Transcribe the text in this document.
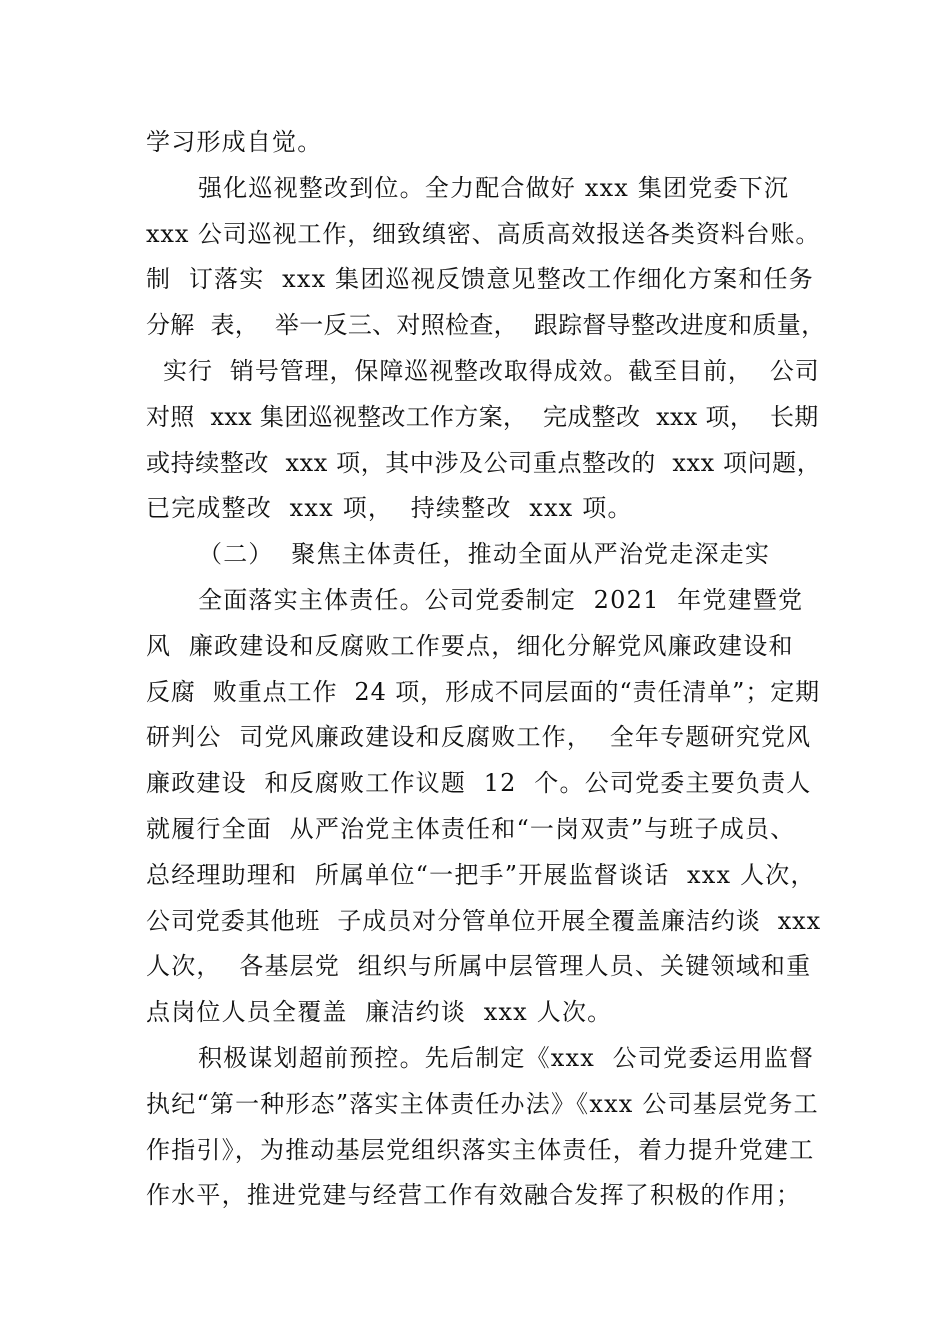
学习形成自觉。
强化巡视整改到位。全力配合做好 xxx 集团党委下沉
xxx 公司巡视工作，细致缜密、高质高效报送各类资料台账。
制  订落实  xxx 集团巡视反馈意见整改工作细化方案和任务
分解  表，  举一反三、对照检查，  跟踪督导整改进度和质量，
实行  销号管理，保障巡视整改取得成效。截至目前，  公司
对照  xxx 集团巡视整改工作方案，  完成整改  xxx 项，  长期
或持续整改  xxx 项，其中涉及公司重点整改的  xxx 项问题，
已完成整改  xxx 项，  持续整改  xxx 项。
（二）  聚焦主体责任，推动全面从严治党走深走实
全面落实主体责任。公司党委制定  2021  年党建暨党
风  廉政建设和反腐败工作要点，细化分解党风廉政建设和
反腐  败重点工作  24 项，形成不同层面的“责任清单”；定期
研判公  司党风廉政建设和反腐败工作，  全年专题研究党风
廉政建设  和反腐败工作议题  12  个。公司党委主要负责人
就履行全面  从严治党主体责任和“一岗双责”与班子成员、
总经理助理和  所属单位“一把手”开展监督谈话  xxx 人次，
公司党委其他班  子成员对分管单位开展全覆盖廉洁约谈  xxx
人次，  各基层党  组织与所属中层管理人员、关键领域和重
点岗位人员全覆盖  廉洁约谈  xxx 人次。
积极谋划超前预控。先后制定《xxx  公司党委运用监督
执纪“第一种形态”落实主体责任办法》《xxx 公司基层党务工
作指引》，为推动基层党组织落实主体责任，着力提升党建工
作水平，推进党建与经营工作有效融合发挥了积极的作用；
